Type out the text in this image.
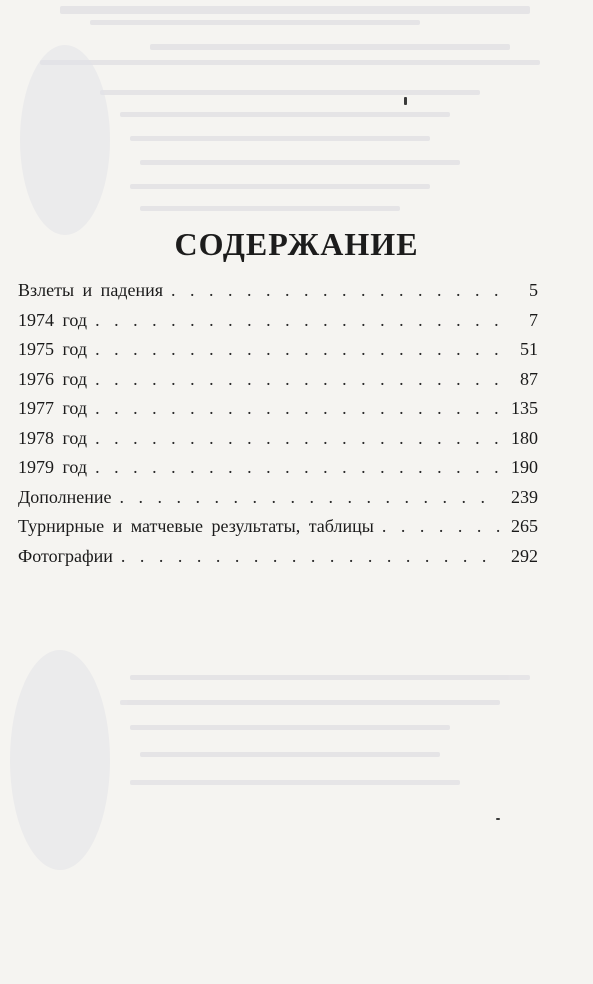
СОДЕРЖАНИЕ
Взлеты и падения . . .	5
1974 год . . .	7
1975 год . . .	51
1976 год . . .	87
1977 год . . .	135
1978 год . . .	180
1979 год . . .	190
Дополнение . . .	239
Турнирные и матчевые результаты, таблицы . . .	265
Фотографии . . .	292
